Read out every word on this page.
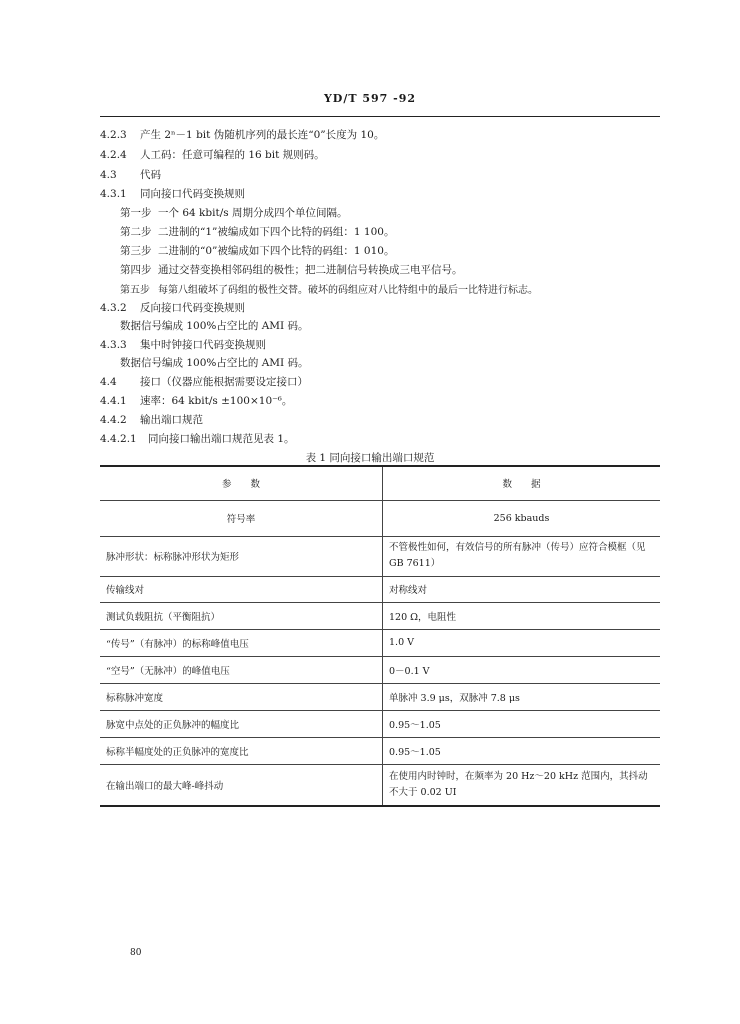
YD/T 597 -92
4.2.3 产生 2ⁿ－1 bit 伪随机序列的最长连“0”长度为 10。
4.2.4 人工码：任意可编程的 16 bit 规则码。
4.3 代码
4.3.1 同向接口代码变换规则
第一步 一个 64 kbit/s 周期分成四个单位间隔。
第二步 二进制的“1”被编成如下四个比特的码组：1 100。
第三步 二进制的“0”被编成如下四个比特的码组：1 010。
第四步 通过交替变换相邻码组的极性；把二进制信号转换成三电平信号。
第五步 每第八组破坏了码组的极性交替。破坏的码组应对八比特组中的最后一比特进行标志。
4.3.2 反向接口代码变换规则
数据信号编成 100%占空比的 AMI 码。
4.3.3 集中时钟接口代码变换规则
数据信号编成 100%占空比的 AMI 码。
4.4 接口（仪器应能根据需要设定接口）
4.4.1 速率：64 kbit/s ±100×10⁻⁶。
4.4.2 输出端口规范
4.4.2.1 同向接口输出端口规范见表 1。
表 1 同向接口输出端口规范
参　　数	数　　据
符号率	256 kbauds
脉冲形状：标称脉冲形状为矩形	不管极性如何，有效信号的所有脉冲（传号）应符合模框（见 GB 7611）
传输线对	对称线对
测试负载阻抗（平衡阻抗）	120 Ω，电阻性
“传号”（有脉冲）的标称峰值电压	1.0 V
“空号”（无脉冲）的峰值电压	0－0.1 V
标称脉冲宽度	单脉冲 3.9 μs，双脉冲 7.8 μs
脉宽中点处的正负脉冲的幅度比	0.95～1.05
标称半幅度处的正负脉冲的宽度比	0.95～1.05
在输出端口的最大峰-峰抖动	在使用内时钟时，在频率为 20 Hz～20 kHz 范围内，其抖动不大于 0.02 UI
80
